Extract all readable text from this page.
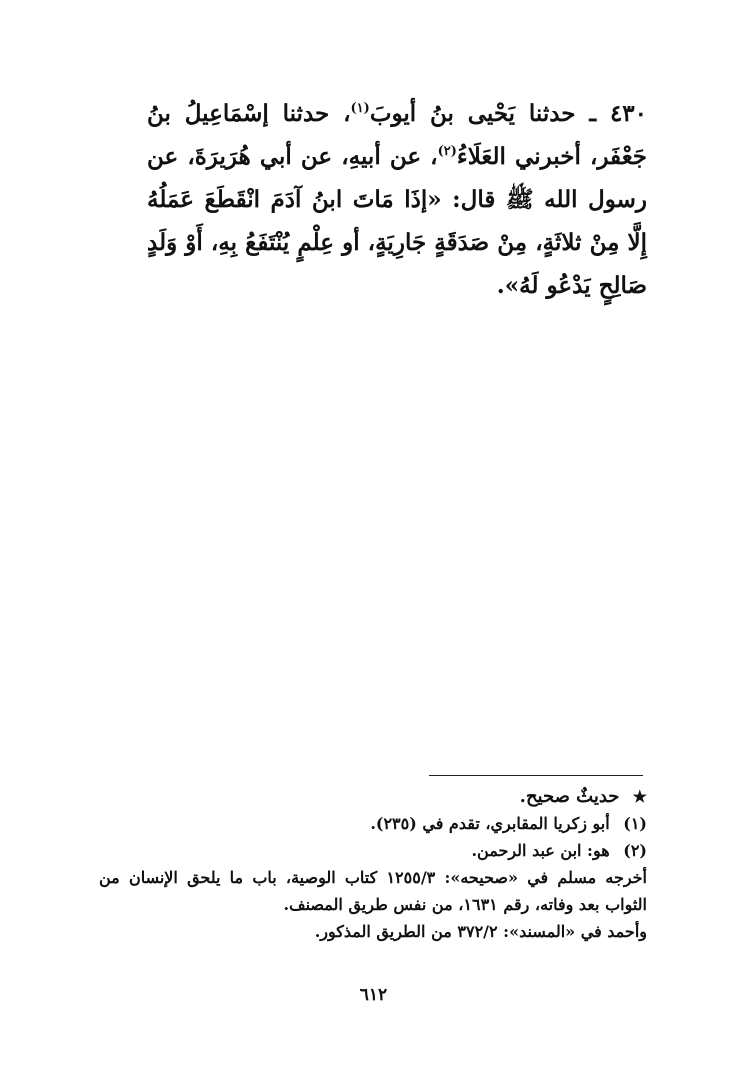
٤٣٠ ـ حدثنا يَحْيى بنُ أيوبَ$^{(١)}$، حدثنا إسْمَاعِيلُ بنُ جَعْفَر، أخبرني العَلَاءُ$^{(٢)}$، عن أبيهِ، عن أبي هُرَيرَةَ، عن رسول الله ﷺ قال: «إذَا مَاتَ ابنُ آدَمَ انْقَطَعَ عَمَلُهُ إِلَّا مِنْ ثلاثَةٍ، مِنْ صَدَقَةٍ جَارِيَةٍ، أو عِلْمٍ يُنْتَفَعُ بِهِ، أَوْ وَلَدٍ صَالِحٍ يَدْعُو لَهُ».

★ حديثٌ صحيح.
(١) أبو زكريا المقابري، تقدم في (٢٣٥).
(٢) هو: ابن عبد الرحمن.
أخرجه مسلم في «صحيحه»: ١٢٥٥/٣ كتاب الوصية، باب ما يلحق الإنسان من الثواب بعد وفاته، رقم ١٦٣١، من نفس طريق المصنف.
وأحمد في «المسند»: ٣٧٢/٢ من الطريق المذكور.
٦١٢
